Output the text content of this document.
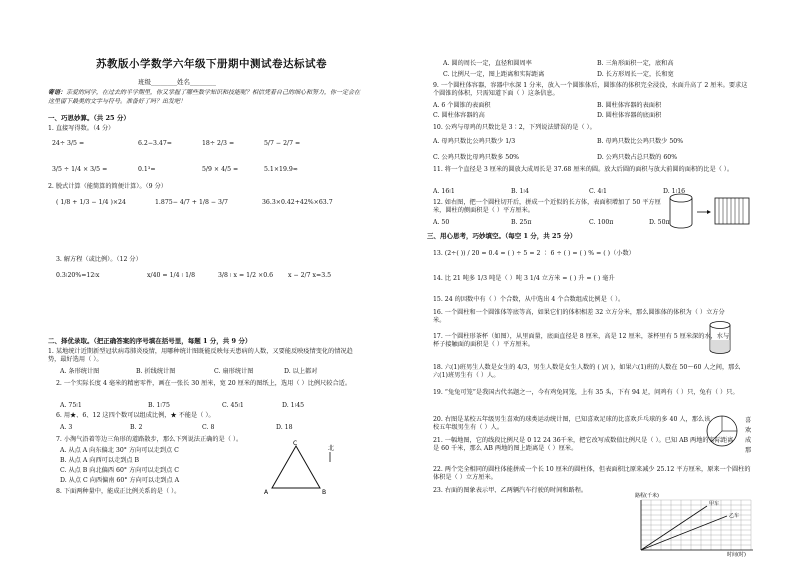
苏教版小学数学六年级下册期中测试卷达标试卷
班级________姓名________
寄语：亲爱的同学，在过去的半学期里，你又掌握了哪些数学知识和技能呢？相信凭着自己的细心和努力，你一定会在这里留下最美的文字与符号。准备好了吗？出发吧！
一、巧思妙算。（共 25 分）
1. 直接写得数。（4 分）
24÷ 3/5 =	6.2−3.47=	18÷ 2/3 =	5/7 − 2/7 =
3/5 ÷ 1/4 × 3/5 =	0.1³=	5/9 × 4/5 =	5.1×19.9≈
2. 脱式计算（能简算的简便计算）。（9 分）
( 1/8 + 1/3 − 1/4 )×24	1.875− 4/7 + 1/8 − 3/7	36.3×0.42+42%×63.7
3. 解方程（或比例）。（12 分）
0.3∶20%=12∶x	x/40 = 1/4 ∶ 1/8	3/8 ∶ x = 1/2 ×0.6 x − 2/7 x=3.5
二、择优录取。（把正确答案的序号填在括号里，每题 1 分，共 9 分）
1. 某地统计近期新型冠状病毒肺炎疫情，用哪种统计图既能反映每天患病的人数，又要能反映疫情变化的情况趋势，最好选用（ ）。
A. 条形统计图	B. 折线统计图	C. 扇形统计图	D. 以上都对
2. 一个实际长度 4 毫米的精密零件，画在一张长 30 厘米，宽 20 厘米的图纸上，选用（ ）比例尺较合适。
A. 75∶1	B. 1∶75	C. 45∶1	D. 1∶45
6. 用★、6、12 这四个数可以组成比例，★ 不能是（ ）。
A. 3	B. 2	C. 8	D. 18
7. 小淘气沿着等边三角形的道路散步，那么下列说法正确的是（ ）。
A. 从点 A 向东偏北 30° 方向可以走到点 C
B. 从点 A 向西可以走到点 B
C. 从点 B 向北偏西 60° 方向可以走到点 C
D. 从点 C 向西偏南 60° 方向可以走到点 A
8. 下面两种量中，能成正比例关系的是（ ）。
C
A	B
北
A. 圆的周长一定，直径和圆周率	B. 三角形面积一定，底和高
C. 比例尺一定，图上距离和实际距离	D. 长方形周长一定，长和宽
9. 一个圆柱体容器，容器中水深 1 分米，放入一个圆锥体后，圆锥体的体积完全浸没，水面升高了 2 厘米。要求这个圆锥的体积，只需知道下面（ ）这条信息。
A. 6 个圆锥的表面积	B. 圆柱体容器的表面积
C. 圆柱体容器的高	D. 圆柱体容器的底面积
10. 公鸡与母鸡的只数比是 3∶2，下列说法错误的是（ ）。
A. 母鸡只数比公鸡只数少 1/3	B. 母鸡只数比公鸡只数少 50%
C. 公鸡只数比母鸡只数多 50%	D. 公鸡只数占总只数的 60%
11. 将一个直径是 3 厘米的圆放大成周长是 37.68 厘米的圆。放大后圆的面积与放大前圆的面积的比是（ ）。
A. 16∶1	B. 1∶4	C. 4∶1	D. 1∶16
12. 如右图，把一个圆柱切开后，拼成一个近似的长方体，表面积增加了 50 平方厘米，圆柱的侧面积是（ ）平方厘米。
A. 50	B. 25π	C. 100π	D. 50π
三、用心思考，巧妙填空。（每空 1 分，共 25 分）
13. (2÷( )) / 20 = 0.4 = ( ) ÷ 5 = 2 ∶ 6 ÷ ( ) = ( ) % = ( )（小数）
14. 比 21 吨多 1/3 吨是（ ）吨 3 1/4 立方米 = ( ) 升 = ( ) 毫升
15. 24 的因数中有（ ）个合数，从中选出 4 个合数组成比例是（ ）。
16. 一个圆柱和一个圆锥体等底等高，如果它们的体积相差 32 立方分米，那么圆锥体的体积为（ ）立方分米。
17. 一个圆柱形茶杯（如图），从里面量，底面直径是 8 厘米，高是 12 厘米，茶杯里有 5 厘米深的水，水与杯子接触面的面积是（ ）平方厘米。
18. 六(1)班男生人数是女生的 4/3，男生人数是女生人数的 ( )/( )，如果六(1)班的人数在 50～60 人之间，那么六(1)班男生有（ ）人。
19. “兔兔可笼”是我国古代名题之一，今有鸡兔同笼，上有 35 头，下有 94 足，问鸡有（ ）只，兔有（ ）只。
20. 右图是某校五年级男生喜欢的球类运动统计图，已知喜欢足球的比喜欢乒乓球的多 40 人，那么该校五年级男生有（ ）人。
喜
欢
成
那
21. 一幅地图，它的线段比例尺是 0 12 24 36千米，把它改写成数值比例尺是（ ）。已知 AB 两地的实际距离是 60 千米，那么 AB 两地的图上距离是（ ）厘米。
22. 两个完全相同的圆柱体能拼成一个长 10 厘米的圆柱体，但表面积比原来减少 25.12 平方厘米，原来一个圆柱的体积是（ ）立方厘米。
23. 右面的图象表示甲、乙两辆汽车行驶的时间和路程。
路程(千米)
时间(时)
甲车
乙车
